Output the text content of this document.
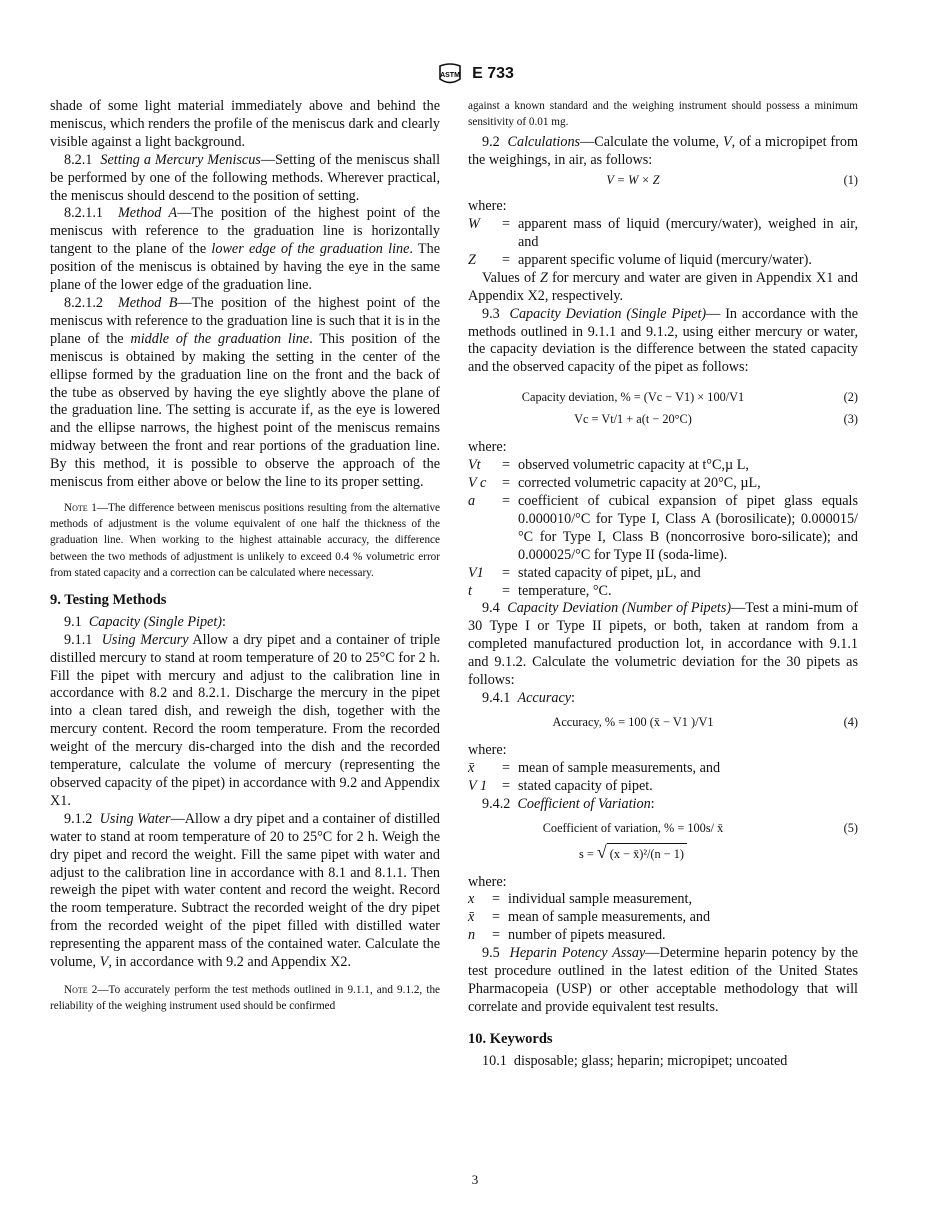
ASTM E 733

shade of some light material immediately above and behind the meniscus, which renders the profile of the meniscus dark and clearly visible against a light background.

8.2.1 Setting a Mercury Meniscus—Setting of the meniscus shall be performed by one of the following methods. Wherever practical, the meniscus should descend to the position of setting.

8.2.1.1 Method A—The position of the highest point of the meniscus with reference to the graduation line is horizontally tangent to the plane of the lower edge of the graduation line. The position of the meniscus is obtained by having the eye in the same plane of the lower edge of the graduation line.

8.2.1.2 Method B—The position of the highest point of the meniscus with reference to the graduation line is such that it is in the plane of the middle of the graduation line. This position of the meniscus is obtained by making the setting in the center of the ellipse formed by the graduation line on the front and the back of the tube as observed by having the eye slightly above the plane of the graduation line. The setting is accurate if, as the eye is lowered and the ellipse narrows, the highest point of the meniscus remains midway between the front and rear portions of the graduation line. By this method, it is possible to observe the approach of the meniscus from either above or below the line to its proper setting.

Note 1—The difference between meniscus positions resulting from the alternative methods of adjustment is the volume equivalent of one half the thickness of the graduation line. When working to the highest attainable accuracy, the difference between the two methods of adjustment is unlikely to exceed 0.4 % volumetric error from stated capacity and a correction can be calculated where necessary.

9. Testing Methods

9.1 Capacity (Single Pipet):

9.1.1 Using Mercury Allow a dry pipet and a container of triple distilled mercury to stand at room temperature of 20 to 25°C for 2 h. Fill the pipet with mercury and adjust to the calibration line in accordance with 8.2 and 8.2.1. Discharge the mercury in the pipet into a clean tared dish, and reweigh the dish, together with the mercury content. Record the room temperature. From the recorded weight of the mercury dis-charged into the dish and the recorded temperature, calculate the volume of mercury (representing the observed capacity of the pipet) in accordance with 9.2 and Appendix X1.

9.1.2 Using Water—Allow a dry pipet and a container of distilled water to stand at room temperature of 20 to 25°C for 2 h. Weigh the dry pipet and record the weight. Fill the same pipet with water and adjust to the calibration line in accordance with 8.1 and 8.1.1. Then reweigh the pipet with water content and record the weight. Record the room temperature. Subtract the recorded weight of the dry pipet from the recorded weight of the pipet filled with distilled water representing the apparent mass of the contained water. Calculate the volume, V, in accordance with 9.2 and Appendix X2.

Note 2—To accurately perform the test methods outlined in 9.1.1, and 9.1.2, the reliability of the weighing instrument used should be confirmed

against a known standard and the weighing instrument should possess a minimum sensitivity of 0.01 mg.

9.2 Calculations—Calculate the volume, V, of a micropipet from the weighings, in air, as follows:

V = W × Z	(1)

where:

W	= apparent mass of liquid (mercury/water), weighed in air, and
Z	= apparent specific volume of liquid (mercury/water).

Values of Z for mercury and water are given in Appendix X1 and Appendix X2, respectively.

9.3 Capacity Deviation (Single Pipet)— In accordance with the methods outlined in 9.1.1 and 9.1.2, using either mercury or water, the capacity deviation is the difference between the stated capacity and the observed capacity of the pipet as follows:

Capacity deviation, % = (Vc − V1) × 100/V1	(2)
Vc = Vt/1 + a(t − 20°C)	(3)

where:

Vt	= observed volumetric capacity at t°C,µ L,
V c	= corrected volumetric capacity at 20°C, µL,
a	= coefficient of cubical expansion of pipet glass equals 0.000010/°C for Type I, Class A (borosilicate); 0.000015/°C for Type I, Class B (noncorrosive boro-silicate); and 0.000025/°C for Type II (soda-lime).
V1	= stated capacity of pipet, µL, and
t	= temperature, °C.

9.4 Capacity Deviation (Number of Pipets)—Test a mini-mum of 30 Type I or Type II pipets, or both, taken at random from a completed manufactured production lot, in accordance with 9.1.1 and 9.1.2. Calculate the volumetric deviation for the 30 pipets as follows:

9.4.1 Accuracy:

Accuracy, % = 100 (x̄ − V1 )/V1	(4)

where:

x̄	= mean of sample measurements, and
V 1	= stated capacity of pipet.

9.4.2 Coefficient of Variation:

Coefficient of variation, % = 100s/ x̄	(5)
s = √ (x − x̄)²/(n − 1)

where:

x	= individual sample measurement,
x̄	= mean of sample measurements, and
n	= number of pipets measured.

9.5 Heparin Potency Assay—Determine heparin potency by the test procedure outlined in the latest edition of the United States Pharmacopeia (USP) or other acceptable methodology that will correlate and provide equivalent test results.

10. Keywords

10.1 disposable; glass; heparin; micropipet; uncoated

3
